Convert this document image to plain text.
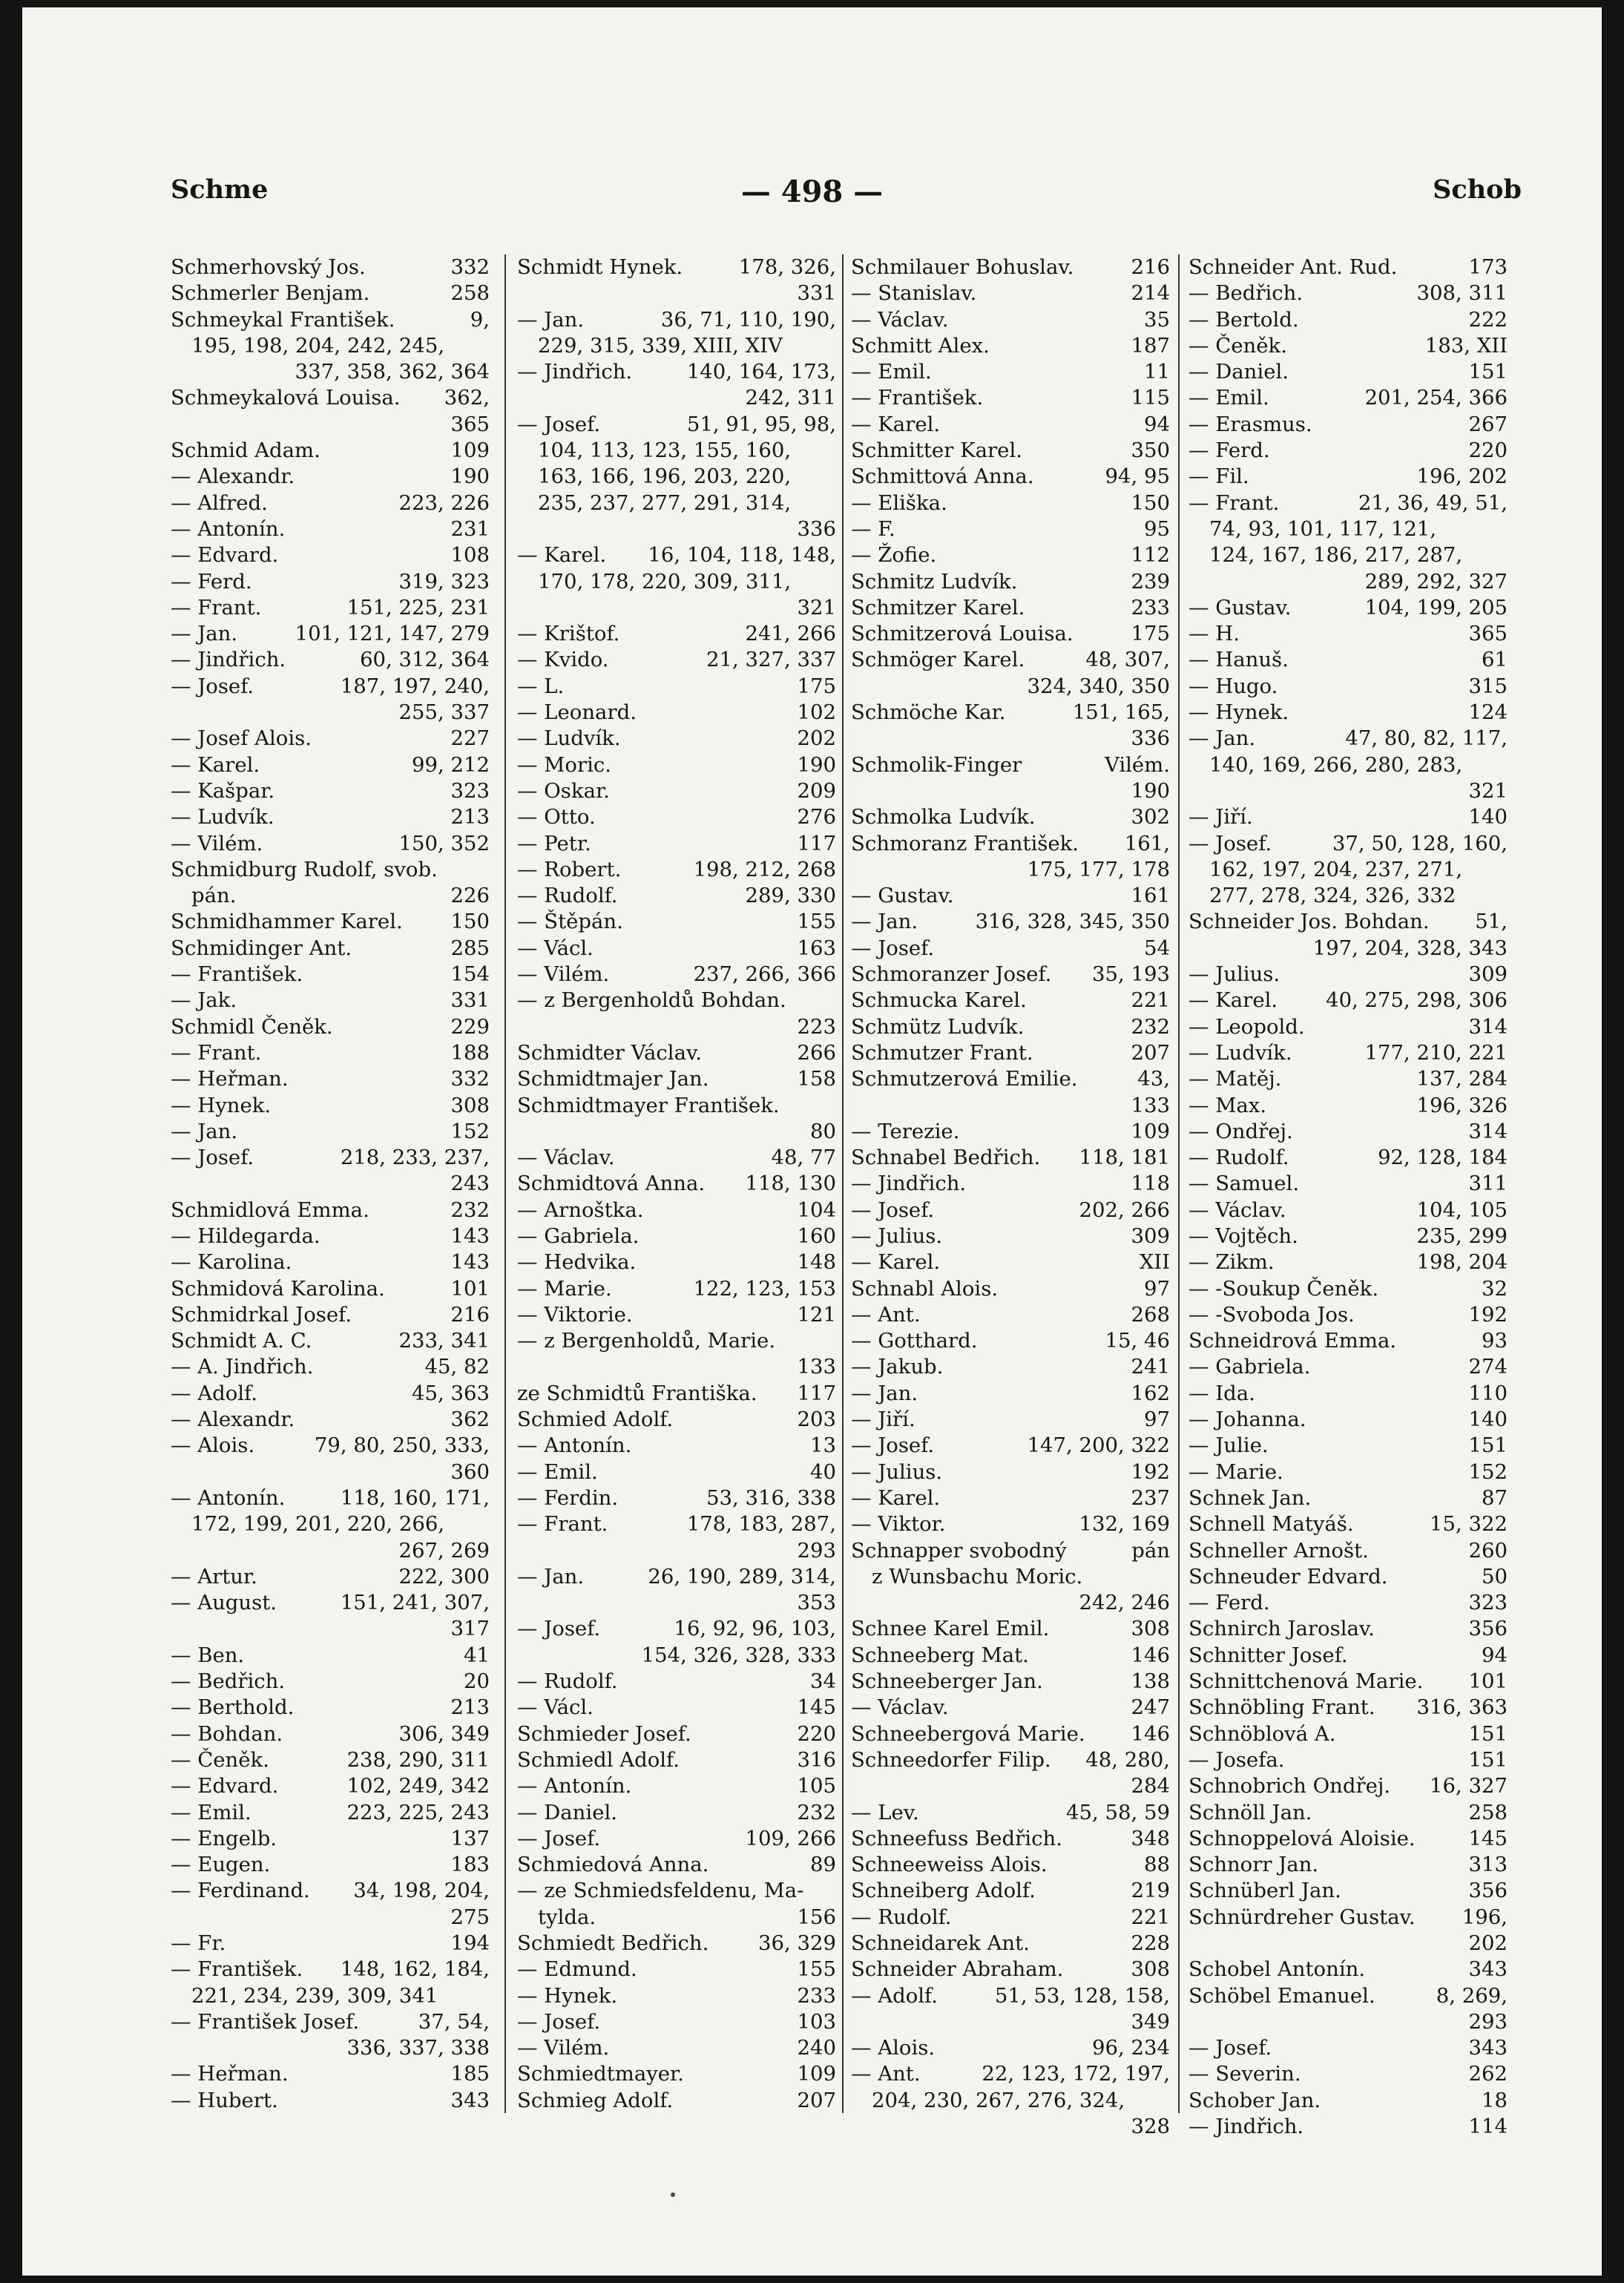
Schme	— 498 —	Schob
Schmerhovský Jos.	332
Schmerler Benjam.	258
Schmeykal František.	9,
195, 198, 204, 242, 245,
337, 358, 362, 364
Schmeykalová Louisa. 362,
365
Schmid Adam.	109
— Alexandr.	190
— Alfred.	223, 226
— Antonín.	231
— Edvard.	108
— Ferd.	319, 323
— Frant.	151, 225, 231
— Jan.	101, 121, 147, 279
— Jindřich.	60, 312, 364
— Josef.	187, 197, 240,
255, 337
— Josef Alois.	227
— Karel.	99, 212
— Kašpar.	323
— Ludvík.	213
— Vilém.	150, 352
Schmidburg Rudolf, svob.
pán.	226
Schmidhammer Karel. 150
Schmidinger Ant.	285
— František.	154
— Jak.	331
Schmidl Čeněk.	229
— Frant.	188
— Heřman.	332
— Hynek.	308
— Jan.	152
— Josef.	218, 233, 237,
243
Schmidlová Emma.	232
— Hildegarda.	143
— Karolina.	143
Schmidová Karolina.	101
Schmidrkal Josef.	216
Schmidt A. C.	233, 341
— A. Jindřich.	45, 82
— Adolf.	45, 363
— Alexandr.	362
— Alois.	79, 80, 250, 333,
360
— Antonín.	118, 160, 171,
172, 199, 201, 220, 266,
267, 269
— Artur.	222, 300
— August.	151, 241, 307,
317
— Ben.	41
— Bedřich.	20
— Berthold.	213
— Bohdan.	306, 349
— Čeněk.	238, 290, 311
— Edvard.	102, 249, 342
— Emil.	223, 225, 243
— Engelb.	137
— Eugen.	183
— Ferdinand. 34, 198, 204,
275
— Fr.	194
— František. 148, 162, 184,
221, 234, 239, 309, 341
— František Josef.	37, 54,
336, 337, 338
— Heřman.	185
— Hubert.	343
Schmidt Hynek.	178, 326,
331
— Jan.	36, 71, 110, 190,
229, 315, 339, XIII, XIV
— Jindřich.	140, 164, 173,
242, 311
— Josef.	51, 91, 95, 98,
104, 113, 123, 155, 160,
163, 166, 196, 203, 220,
235, 237, 277, 291, 314,
336
— Karel. 16, 104, 118, 148,
170, 178, 220, 309, 311,
321
— Krištof.	241, 266
— Kvido.	21, 327, 337
— L.	175
— Leonard.	102
— Ludvík.	202
— Moric.	190
— Oskar.	209
— Otto.	276
— Petr.	117
— Robert.	198, 212, 268
— Rudolf.	289, 330
— Štěpán.	155
— Václ.	163
— Vilém.	237, 266, 366
— z Bergenholdů Bohdan.
223
Schmidter Václav.	266
Schmidtmajer Jan.	158
Schmidtmayer František.
80
— Václav.	48, 77
Schmidtová Anna. 118, 130
— Arnoštka.	104
— Gabriela.	160
— Hedvika.	148
— Marie.	122, 123, 153
— Viktorie.	121
— z Bergenholdů, Marie.
133
ze Schmidtů Františka. 117
Schmied Adolf.	203
— Antonín.	13
— Emil.	40
— Ferdin.	53, 316, 338
— Frant.	178, 183, 287,
293
— Jan.	26, 190, 289, 314,
353
— Josef.	16, 92, 96, 103,
154, 326, 328, 333
— Rudolf.	34
— Václ.	145
Schmieder Josef.	220
Schmiedl Adolf.	316
— Antonín.	105
— Daniel.	232
— Josef.	109, 266
Schmiedová Anna.	89
— ze Schmiedsfeldenu, Ma-
tylda.	156
Schmiedt Bedřich. 36, 329
— Edmund.	155
— Hynek.	233
— Josef.	103
— Vilém.	240
Schmiedtmayer.	109
Schmieg Adolf.	207
Schmilauer Bohuslav.	216
— Stanislav.	214
— Václav.	35
Schmitt Alex.	187
— Emil.	11
— František.	115
— Karel.	94
Schmitter Karel.	350
Schmittová Anna.	94, 95
— Eliška.	150
— F.	95
— Žofie.	112
Schmitz Ludvík.	239
Schmitzer Karel.	233
Schmitzerová Louisa.	175
Schmöger Karel.	48, 307,
324, 340, 350
Schmöche Kar.	151, 165,
336
Schmolik-Finger	Vilém.
190
Schmolka Ludvík.	302
Schmoranz František. 161,
175, 177, 178
— Gustav.	161
— Jan.	316, 328, 345, 350
— Josef.	54
Schmoranzer Josef. 35, 193
Schmucka Karel.	221
Schmütz Ludvík.	232
Schmutzer Frant.	207
Schmutzerová Emilie.	43,
133
— Terezie.	109
Schnabel Bedřich. 118, 181
— Jindřich.	118
— Josef.	202, 266
— Julius.	309
— Karel.	XII
Schnabl Alois.	97
— Ant.	268
— Gotthard.	15, 46
— Jakub.	241
— Jan.	162
— Jiří.	97
— Josef.	147, 200, 322
— Julius.	192
— Karel.	237
— Viktor.	132, 169
Schnapper svobodný	pán
z Wunsbachu Moric.
242, 246
Schnee Karel Emil.	308
Schneeberg Mat.	146
Schneeberger Jan.	138
— Václav.	247
Schneebergová Marie. 146
Schneedorfer Filip. 48, 280,
284
— Lev.	45, 58, 59
Schneefuss Bedřich.	348
Schneeweiss Alois.	88
Schneiberg Adolf.	219
— Rudolf.	221
Schneidarek Ant.	228
Schneider Abraham.	308
— Adolf.	51, 53, 128, 158,
349
— Alois.	96, 234
— Ant.	22, 123, 172, 197,
204, 230, 267, 276, 324,
328
Schneider Ant. Rud.	173
— Bedřich.	308, 311
— Bertold.	222
— Čeněk.	183, XII
— Daniel.	151
— Emil.	201, 254, 366
— Erasmus.	267
— Ferd.	220
— Fil.	196, 202
— Frant.	21, 36, 49, 51,
74, 93, 101, 117, 121,
124, 167, 186, 217, 287,
289, 292, 327
— Gustav.	104, 199, 205
— H.	365
— Hanuš.	61
— Hugo.	315
— Hynek.	124
— Jan.	47, 80, 82, 117,
140, 169, 266, 280, 283,
321
— Jiří.	140
— Josef.	37, 50, 128, 160,
162, 197, 204, 237, 271,
277, 278, 324, 326, 332
Schneider Jos. Bohdan. 51,
197, 204, 328, 343
— Julius.	309
— Karel. 40, 275, 298, 306
— Leopold.	314
— Ludvík.	177, 210, 221
— Matěj.	137, 284
— Max.	196, 326
— Ondřej.	314
— Rudolf.	92, 128, 184
— Samuel.	311
— Václav.	104, 105
— Vojtěch.	235, 299
— Zikm.	198, 204
— -Soukup Čeněk.	32
— -Svoboda Jos.	192
Schneidrová Emma.	93
— Gabriela.	274
— Ida.	110
— Johanna.	140
— Julie.	151
— Marie.	152
Schnek Jan.	87
Schnell Matyáš.	15, 322
Schneller Arnošt.	260
Schneuder Edvard.	50
— Ferd.	323
Schnirch Jaroslav.	356
Schnitter Josef.	94
Schnittchenová Marie. 101
Schnöbling Frant. 316, 363
Schnöblová A.	151
— Josefa.	151
Schnobrich Ondřej. 16, 327
Schnöll Jan.	258
Schnoppelová Aloisie.	145
Schnorr Jan.	313
Schnüberl Jan.	356
Schnürdreher Gustav. 196,
202
Schobel Antonín.	343
Schöbel Emanuel.	8, 269,
293
— Josef.	343
— Severin.	262
Schober Jan.	18
— Jindřich.	114
